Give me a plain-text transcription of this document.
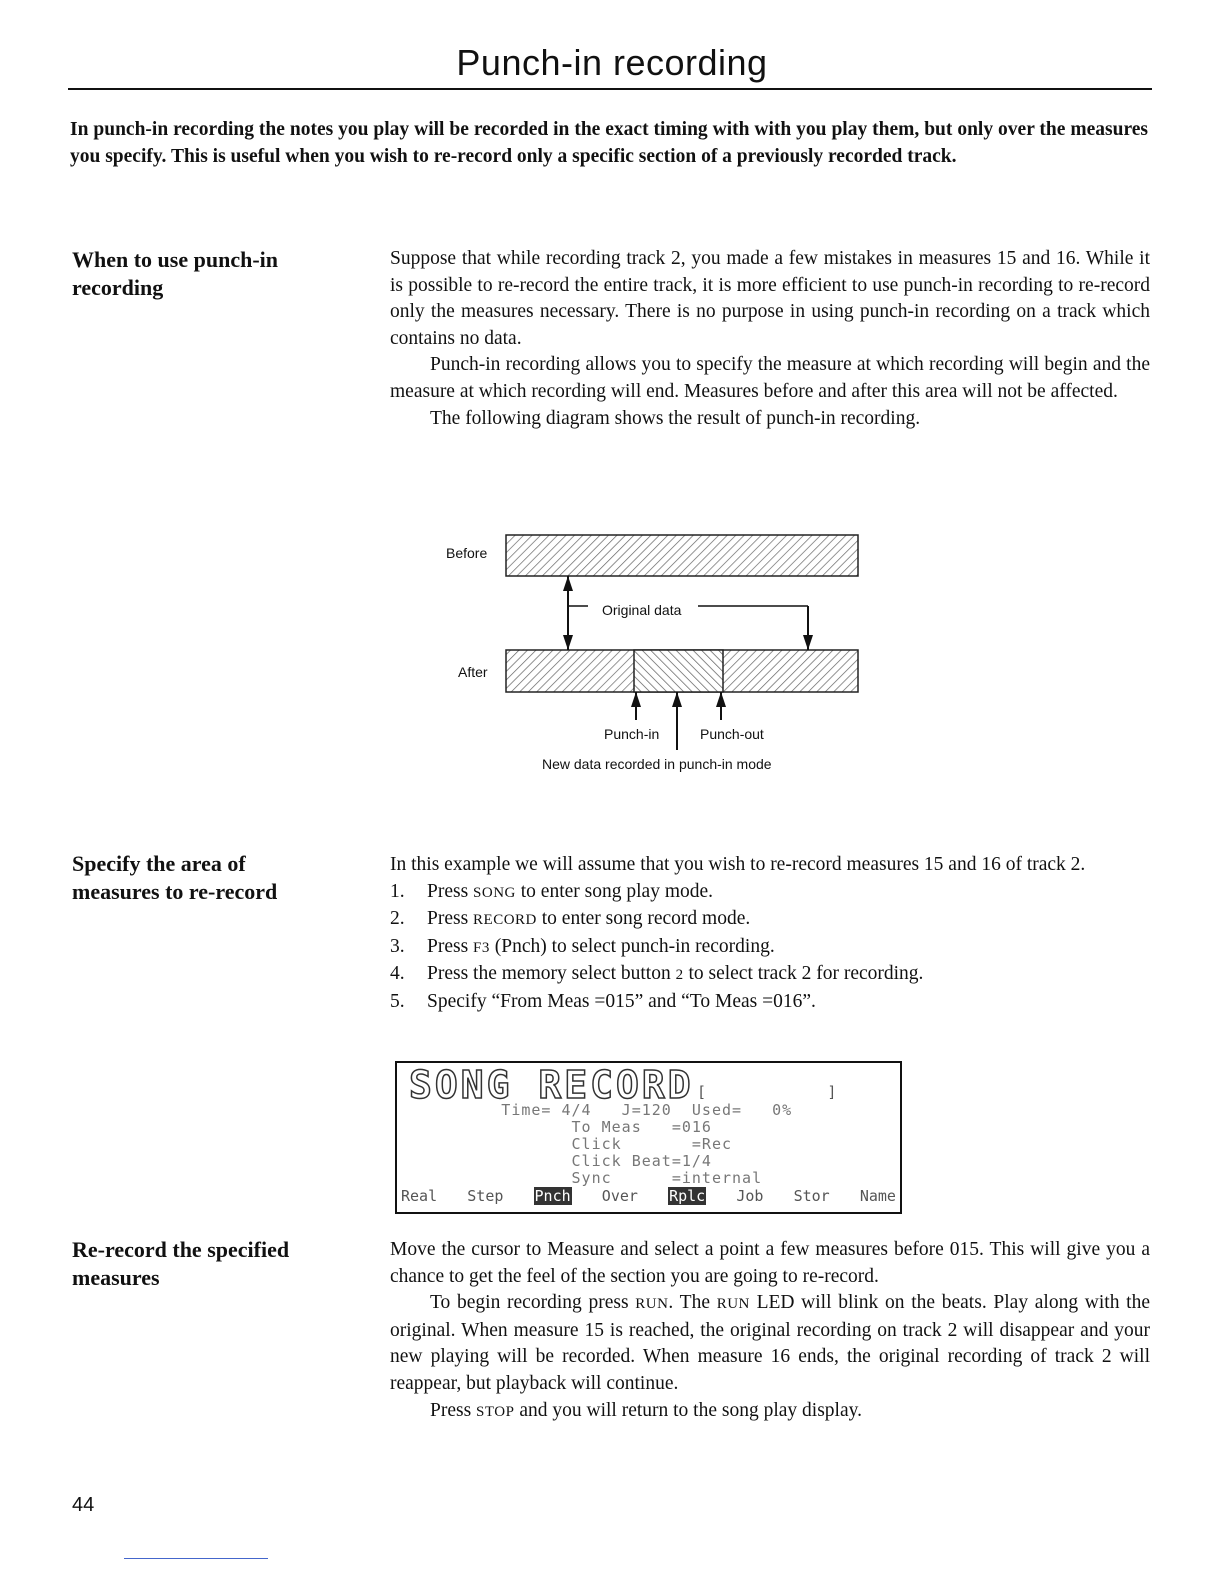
Punch-in recording
In punch-in recording the notes you play will be recorded in the exact timing with with you play them, but only over the measures you specify. This is useful when you wish to re-record only a specific section of a previously recorded track.
When to use punch-in
recording

Suppose that while recording track 2, you made a few mistakes in measures 15 and 16. While it is possible to re-record the entire track, it is more efficient to use punch-in recording to re-record only the measures necessary. There is no purpose in using punch-in recording on a track which contains no data.

Punch-in recording allows you to specify the measure at which recording will begin and the measure at which recording will end. Measures before and after this area will not be affected.

The following diagram shows the result of punch-in recording.

Before
After
Original data
Punch-in	Punch-out
New data recorded in punch-in mode
Specify the area of
measures to re-record

In this example we will assume that you wish to re-record measures 15 and 16 of track 2.

1. Press SONG to enter song play mode.
2. Press RECORD to enter song record mode.
3. Press F3 (Pnch) to select punch-in recording.
4. Press the memory select button 2 to select track 2 for recording.
5. Specify “From Meas =015” and “To Meas =016”.
SONG RECORD [            ]
Time= 4/4   J=120  Used=   0%
To Meas   =016
Click       =Rec
Click Beat=1/4
Sync      =internal
Real Step Pnch Over Rplc Job Stor Name
Re-record the specified
measures

Move the cursor to Measure and select a point a few measures before 015. This will give you a chance to get the feel of the section you are going to re-record.

To begin recording press RUN. The RUN LED will blink on the beats. Play along with the original. When measure 15 is reached, the original recording on track 2 will disappear and your new playing will be recorded. When measure 16 ends, the original recording of track 2 will reappear, but playback will continue.

Press STOP and you will return to the song play display.

44
